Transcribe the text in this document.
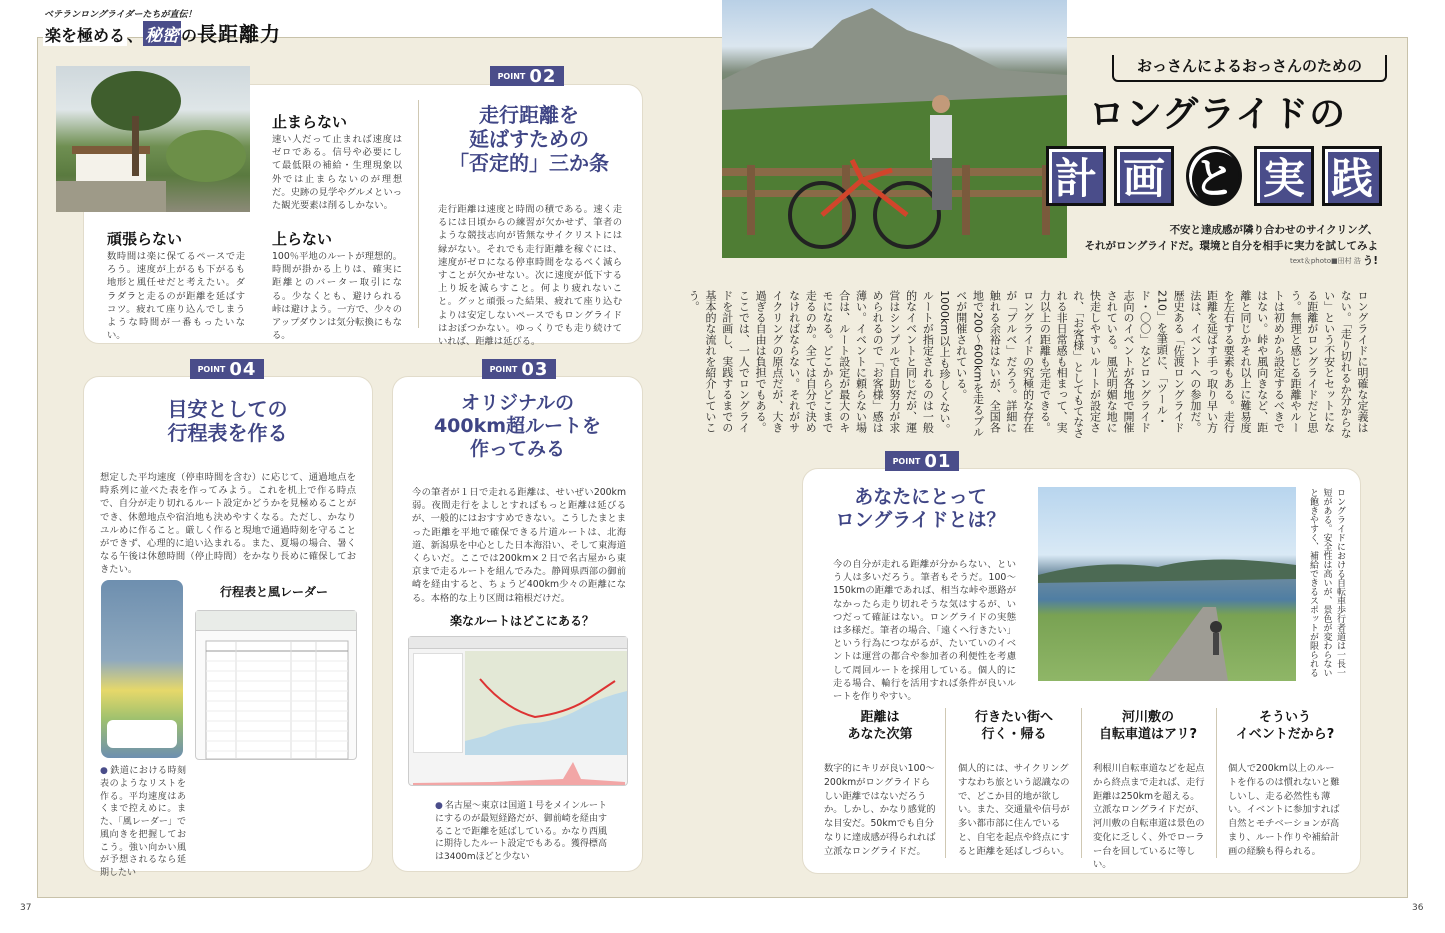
ベテランロングライダーたちが直伝！
楽を極める 、 秘密 の 長距離力
止まらない
速い人だって止まれば速度はゼロである。信号や必要にして最低限の補給・生理現象以外では止まらないのが理想だ。史跡の見学やグルメといった観光要素は削るしかない。
頑張らない
数時間は楽に保てるペースで走ろう。速度が上がるも下がるも地形と風任せだと考えたい。ダラダラと走るのが距離を延ばすコツ。疲れて座り込んでしまうような時間が一番もったいない。
上らない
100％平地のルートが理想的。時間が掛かる上りは、確実に距離とのバーター取引になる。少なくとも、避けられる峠は避けよう。一方で、少々のアップダウンは気分転換にもなる。
POINT 02
走行距離を
延ばすための
「否定的」三か条
走行距離は速度と時間の積である。速く走るには日頃からの練習が欠かせず、筆者のような競技志向が皆無なサイクリストには縁がない。それでも走行距離を稼ぐには、速度がゼロになる停車時間をなるべく減らすことが欠かせない。次に速度が低下する上り坂を減らすこと。何より疲れないこと。グッと頑張った結果、疲れて座り込むよりは安定しないペースでもロングライドはおぼつかない。ゆっくりでも走り続けていれば、距離は延びる。
POINT 04
目安としての
行程表を作る
想定した平均速度（停車時間を含む）に応じて、通過地点を時系列に並べた表を作ってみよう。これを机上で作る時点で、自分が走り切れるルート設定かどうかを見極めることができ、休憩地点や宿泊地も決めやすくなる。ただし、かなりユルめに作ること。厳しく作ると現地で通過時刻を守ることができず、心理的に追い込まれる。また、夏場の場合、暑くなる午後は休憩時間（停止時間）をかなり長めに確保しておきたい。
行程表と風レーダー
● 鉄道における時刻表のようなリストを作る。平均速度はあくまで控えめに。また、「風レーダー」で風向きを把握しておこう。強い向かい風が予想されるなら延期したい
POINT 03
オリジナルの
400km超ルートを
作ってみる
今の筆者が１日で走れる距離は、せいぜい200km弱。夜間走行をよしとすればもっと距離は延びるが、一般的にはおすすめできない。こうしたまとまった距離を平地で確保できる片道ルートは、北海道、新潟県を中心とした日本海沿い、そして東海道くらいだ。ここでは200km×２日で名古屋から東京まで走るルートを組んでみた。静岡県西部の御前崎を経由すると、ちょうど400km少々の距離になる。本格的な上り区間は箱根だけだ。
楽なルートはどこにある？
● 名古屋〜東京は国道１号をメインルートにするのが最短経路だが、御前崎を経由することで距離を延ばしている。かなり西風に期待したルート設定でもある。獲得標高は3400mほどと少ない
おっさんによるおっさんのための
ロングライドの
計 画 と 実 践
不安と達成感が隣り合わせのサイクリング、
それがロングライドだ。環境と自分を相手に実力を試してみよう!
text＆photo■田村 浩
ロングライドに明確な定義はない。「走り切れるか分からない」という不安とセットになる距離がロングライドだと思う。無理と感じる距離やルートは初めから設定するべきではない。峠や風向きなど、距離と同じかそれ以上に難易度を左右する要素もある。走行距離を延ばす手っ取り早い方法は、イベントへの参加だ。歴史ある「佐渡ロングライド210」を筆頭に、「ツール・ド・〇〇」などロングライド志向のイベントが各地で開催されている。風光明媚な地に快走しやすいルートが設定され、「お客様」としてもてなされる非日常感も相まって、実力以上の距離も完走できる。ロングライドの究極的な存在が「ブルベ」だろう。詳細に触れる余裕はないが、全国各地で200〜600kmを走るブルベが開催されている。1000km以上も珍しくない。ルートが指定されるのは一般的なイベントと同じだが、運営はシンプルで自助努力が求められるので「お客様」感は薄い。イベントに頼らない場合は、ルート設定が最大のキモになる。どこからどこまで走るのか。全ては自分で決めなければならない。それがサイクリングの原点だが、大き過ぎる自由は負担でもある。ここでは、一人でロングライドを計画し、実践するまでの基本的な流れを紹介していこう。
POINT 01
あなたにとって
ロングライドとは？
今の自分が走れる距離が分からない、という人は多いだろう。筆者もそうだ。100〜150kmの距離であれば、相当な峠や悪路がなかったら走り切れそうな気はするが、いつだって確証はない。ロングライドの実態は多様だ。筆者の場合、「遠くへ行きたい」という行為につながるが、たいていのイベントは運営の都合や参加者の利便性を考慮して周回ルートを採用している。個人的に走る場合、輪行を活用すれば条件が良いルートを作りやすい。
ロングライドにおける自転車歩行者道は一長一短がある。安全性は高いが、景色が変わらないと飽きやすく、補給できるスポットが限られる
距離は
あなた次第
数字的にキリが良い100〜200kmがロングライドらしい距離ではないだろうか。しかし、かなり感覚的な目安だ。50kmでも自分なりに達成感が得られれば立派なロングライドだ。
行きたい街へ
行く・帰る
個人的には、サイクリングすなわち旅という認識なので、どこか目的地が欲しい。また、交通量や信号が多い都市部に住んでいると、自宅を起点や終点にすると距離を延ばしづらい。
河川敷の
自転車道はアリ?
利根川自転車道などを起点から終点まで走れば、走行距離は250kmを超える。立派なロングライドだが、河川敷の自転車道は景色の変化に乏しく、外でローラー台を回しているに等しい。
そういう
イベントだから?
個人で200km以上のルートを作るのは慣れないと難しいし、走る必然性も薄い。イベントに参加すれば自然とモチベーションが高まり、ルート作りや補給計画の経験も得られる。
37	36
